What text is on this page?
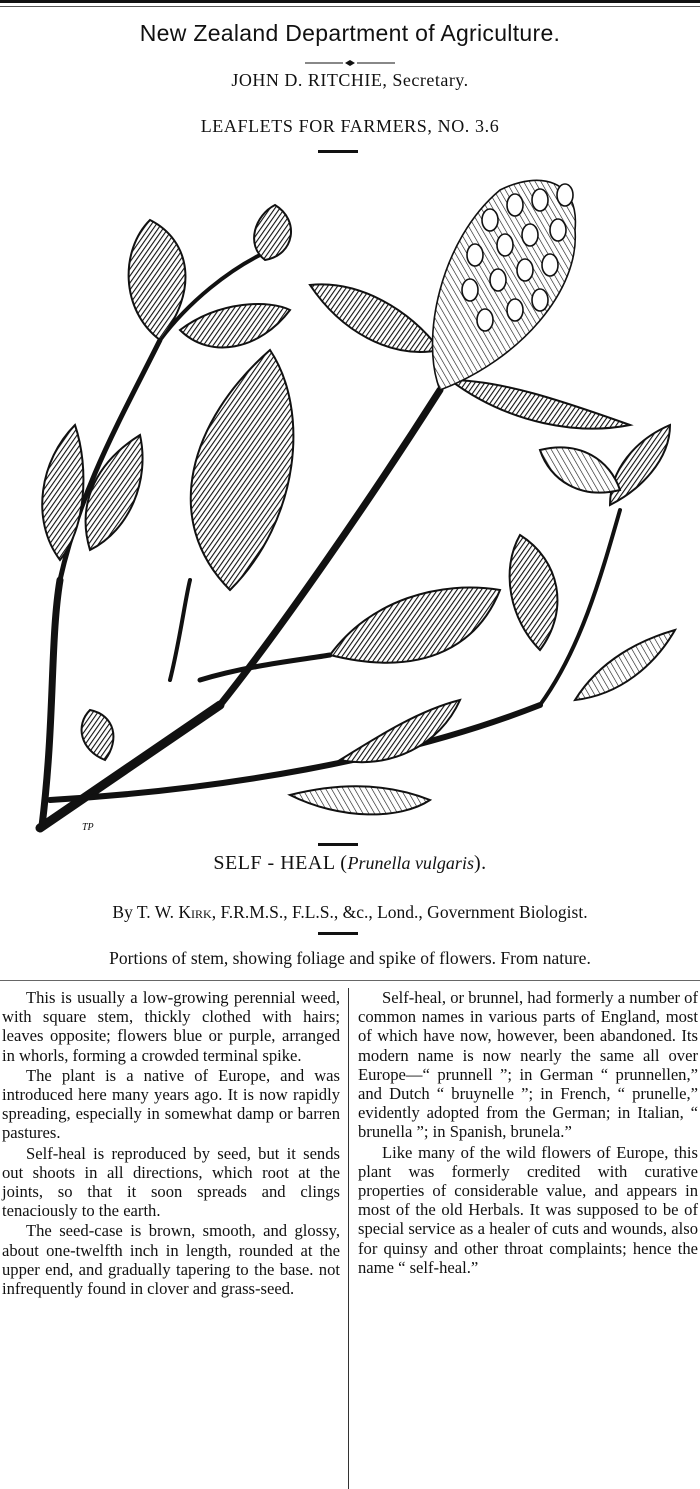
New Zealand Department of Agriculture.
JOHN D. RITCHIE, Secretary.
LEAFLETS FOR FARMERS, NO. 3.6
TP
SELF - HEAL (Prunella vulgaris).
By T. W. Kirk, F.R.M.S., F.L.S., &c., Lond., Government Biologist.
Portions of stem, showing foliage and spike of flowers. From nature.

This is usually a low-growing perennial weed, with square stem, thickly clothed with hairs; leaves opposite; flowers blue or purple, arranged in whorls, forming a crowded terminal spike.

The plant is a native of Europe, and was introduced here many years ago. It is now rapidly spreading, especially in somewhat damp or barren pastures.

Self-heal is reproduced by seed, but it sends out shoots in all directions, which root at the joints, so that it soon spreads and clings tenaciously to the earth.

The seed-case is brown, smooth, and glossy, about one-twelfth inch in length, rounded at the upper end, and gradually tapering to the base. not infrequently found in clover and grass-seed.

Self-heal, or brunnel, had formerly a number of common names in various parts of England, most of which have now, however, been abandoned. Its modern name is now nearly the same all over Europe—“ prunnell ”; in German “ prunnellen,” and Dutch “ bruynelle ”; in French, “ prunelle,” evidently adopted from the German; in Italian, “ brunella ”; in Spanish, brunela.”

Like many of the wild flowers of Europe, this plant was formerly credited with curative properties of considerable value, and appears in most of the old Herbals. It was supposed to be of special service as a healer of cuts and wounds, also for quinsy and other throat complaints; hence the name “ self-heal.”
